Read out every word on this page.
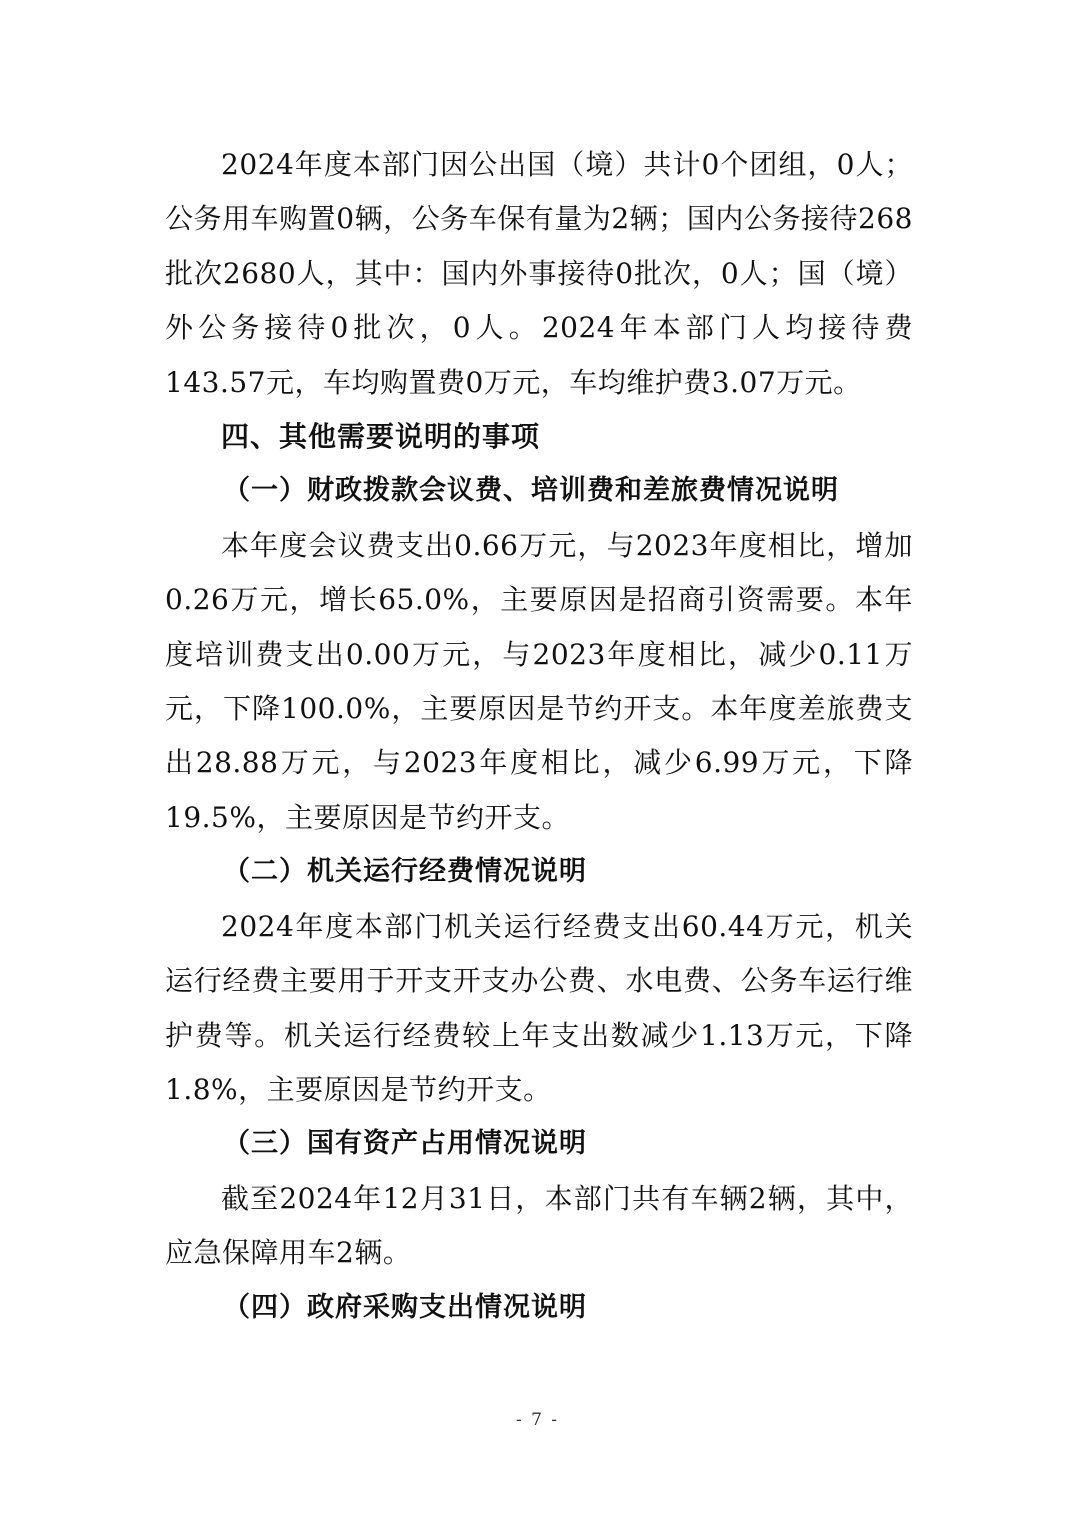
2024年度本部门因公出国（境）共计0个团组，0人；公务用车购置0辆，公务车保有量为2辆；国内公务接待268批次2680人，其中：国内外事接待0批次，0人；国（境）外公务接待0批次，0人。2024年本部门人均接待费143.57元，车均购置费0万元，车均维护费3.07万元。

四、其他需要说明的事项

（一）财政拨款会议费、培训费和差旅费情况说明

本年度会议费支出0.66万元，与2023年度相比，增加0.26万元，增长65.0%，主要原因是招商引资需要。本年度培训费支出0.00万元，与2023年度相比，减少0.11万元，下降100.0%，主要原因是节约开支。本年度差旅费支出28.88万元，与2023年度相比，减少6.99万元，下降19.5%，主要原因是节约开支。

（二）机关运行经费情况说明

2024年度本部门机关运行经费支出60.44万元，机关运行经费主要用于开支开支办公费、水电费、公务车运行维护费等。机关运行经费较上年支出数减少1.13万元，下降1.8%，主要原因是节约开支。

（三）国有资产占用情况说明

截至2024年12月31日，本部门共有车辆2辆，其中，应急保障用车2辆。

（四）政府采购支出情况说明

- 7 -
